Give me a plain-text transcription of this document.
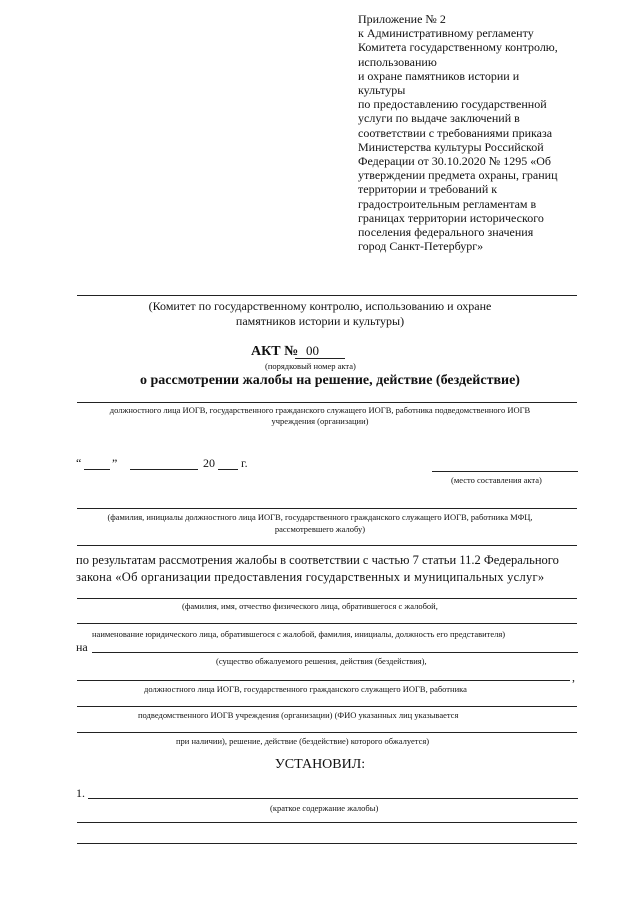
Приложение № 2
к Административному регламенту
Комитета государственному контролю,
использованию
и охране памятников истории и
культуры
по предоставлению государственной
услуги по выдаче заключений в
соответствии с требованиями приказа
Министерства культуры Российской
Федерации от 30.10.2020 № 1295 «Об
утверждении предмета охраны, границ
территории и требований к
градостроительным регламентам в
границах территории исторического
поселения федерального значения
город Санкт-Петербург»
(Комитет по государственному контролю, использованию и охране
памятников истории и культуры)
АКТ № 00
(порядковый номер акта)
о рассмотрении жалобы на решение, действие (бездействие)
должностного лица ИОГВ, государственного гражданского служащего ИОГВ, работника подведомственного ИОГВ
учреждения (организации)
“	”	20 г.
(место составления акта)
(фамилия, инициалы должностного лица ИОГВ, государственного гражданского служащего ИОГВ, работника МФЦ,
рассмотревшего жалобу)
по результатам рассмотрения жалобы в соответствии с частью 7 статьи 11.2 Федерального
закона «Об организации предоставления государственных и муниципальных услуг»
(фамилия, имя, отчество физического лица, обратившегося с жалобой,
наименование юридического лица, обратившегося с жалобой, фамилия, инициалы, должность его представителя)
на
(существо обжалуемого решения, действия (бездействия),
,
должностного лица ИОГВ, государственного гражданского служащего ИОГВ, работника
подведомственного ИОГВ учреждения (организации) (ФИО указанных лиц указывается
при наличии), решение, действие (бездействие) которого обжалуется)
УСТАНОВИЛ:
1.
(краткое содержание жалобы)
